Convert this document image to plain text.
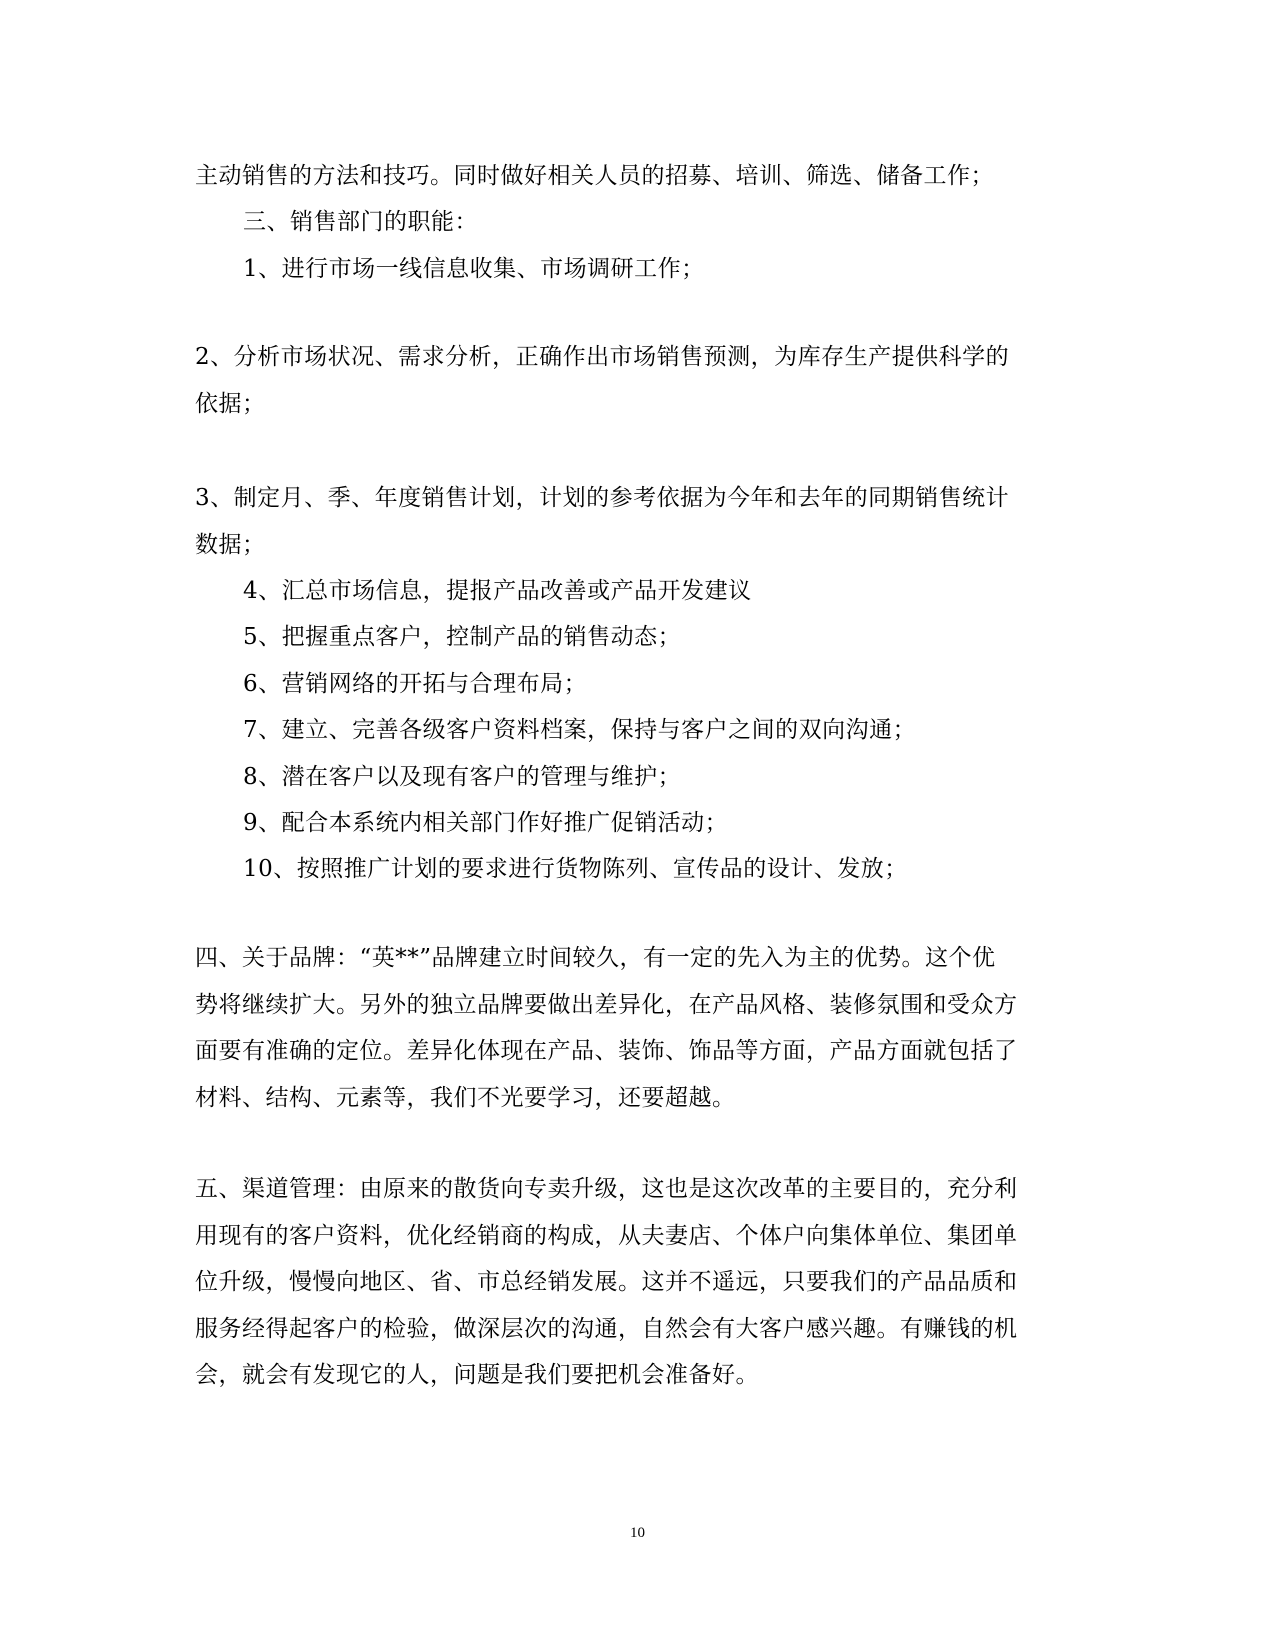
主动销售的方法和技巧。同时做好相关人员的招募、培训、筛选、储备工作；
三、销售部门的职能：
1、进行市场一线信息收集、市场调研工作；
2、分析市场状况、需求分析，正确作出市场销售预测，为库存生产提供科学的
依据；
3、制定月、季、年度销售计划，计划的参考依据为今年和去年的同期销售统计
数据；
4、汇总市场信息，提报产品改善或产品开发建议
5、把握重点客户，控制产品的销售动态；
6、营销网络的开拓与合理布局；
7、建立、完善各级客户资料档案，保持与客户之间的双向沟通；
8、潜在客户以及现有客户的管理与维护；
9、配合本系统内相关部门作好推广促销活动；
10、按照推广计划的要求进行货物陈列、宣传品的设计、发放；
四、关于品牌：“英**”品牌建立时间较久，有一定的先入为主的优势。这个优
势将继续扩大。另外的独立品牌要做出差异化，在产品风格、装修氛围和受众方
面要有准确的定位。差异化体现在产品、装饰、饰品等方面，产品方面就包括了
材料、结构、元素等，我们不光要学习，还要超越。
五、渠道管理：由原来的散货向专卖升级，这也是这次改革的主要目的，充分利
用现有的客户资料，优化经销商的构成，从夫妻店、个体户向集体单位、集团单
位升级，慢慢向地区、省、市总经销发展。这并不遥远，只要我们的产品品质和
服务经得起客户的检验，做深层次的沟通，自然会有大客户感兴趣。有赚钱的机
会，就会有发现它的人，问题是我们要把机会准备好。
10
